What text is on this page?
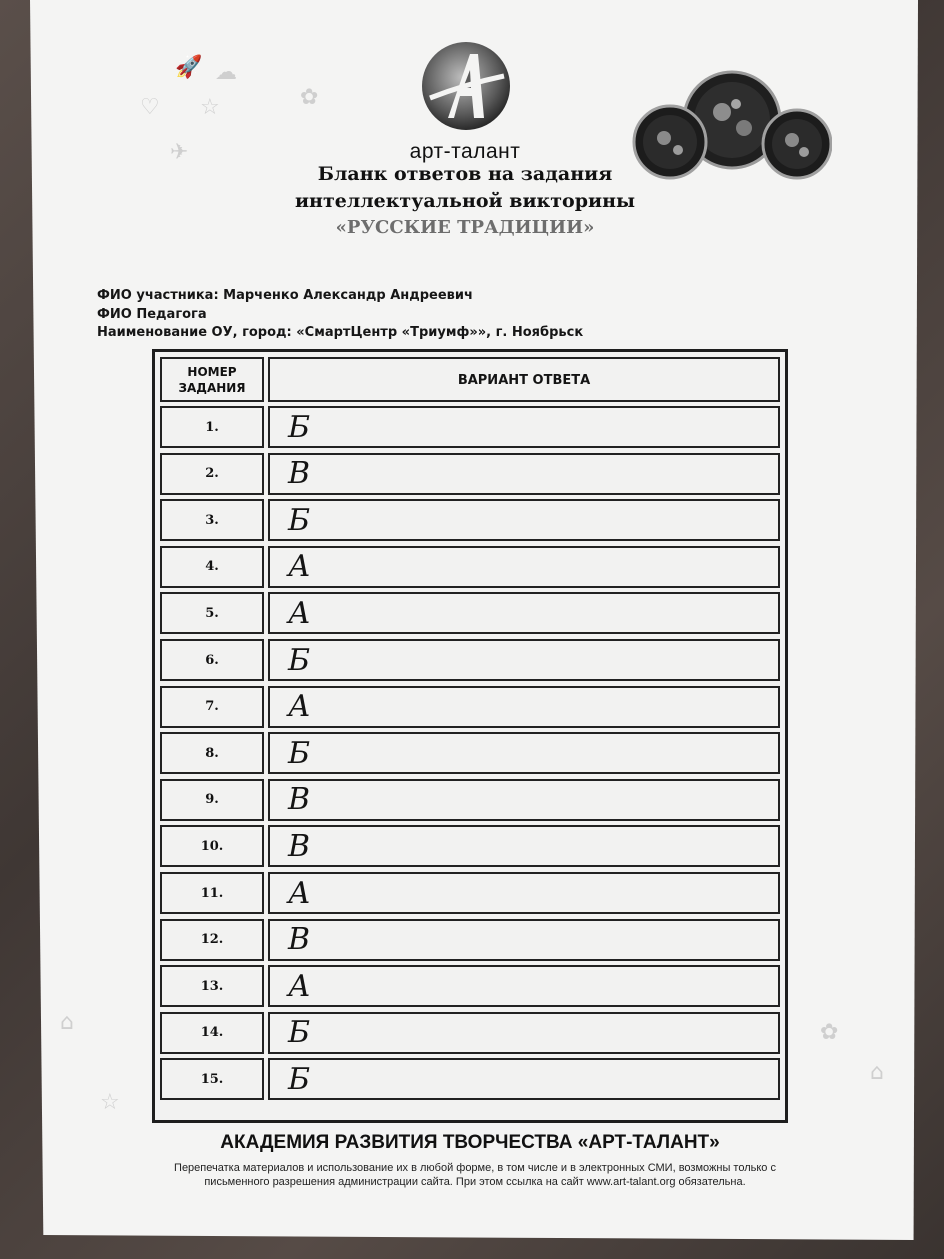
🚀 ☁
♡ ☆	✿
✈
⌂	✿
☆
⌂
арт-талант
Бланк ответов на задания
интеллектуальной викторины
«РУССКИЕ ТРАДИЦИИ»
ФИО участника: Марченко Александр Андреевич
ФИО Педагога
Наименование ОУ, город: «СмартЦентр «Триумф»», г. Ноябрьск
НОМЕР ЗАДАНИЯ	ВАРИАНТ ОТВЕТА
1.	Б
2.	В
3.	Б
4.	А
5.	А
6.	Б
7.	А
8.	Б
9.	В
10.	В
11.	А
12.	В
13.	А
14.	Б
15.	Б
АКАДЕМИЯ РАЗВИТИЯ ТВОРЧЕСТВА «АРТ-ТАЛАНТ»
Перепечатка материалов и использование их в любой форме, в том числе и в электронных СМИ, возможны только с
письменного разрешения администрации сайта. При этом ссылка на сайт www.art-talant.org обязательна.
